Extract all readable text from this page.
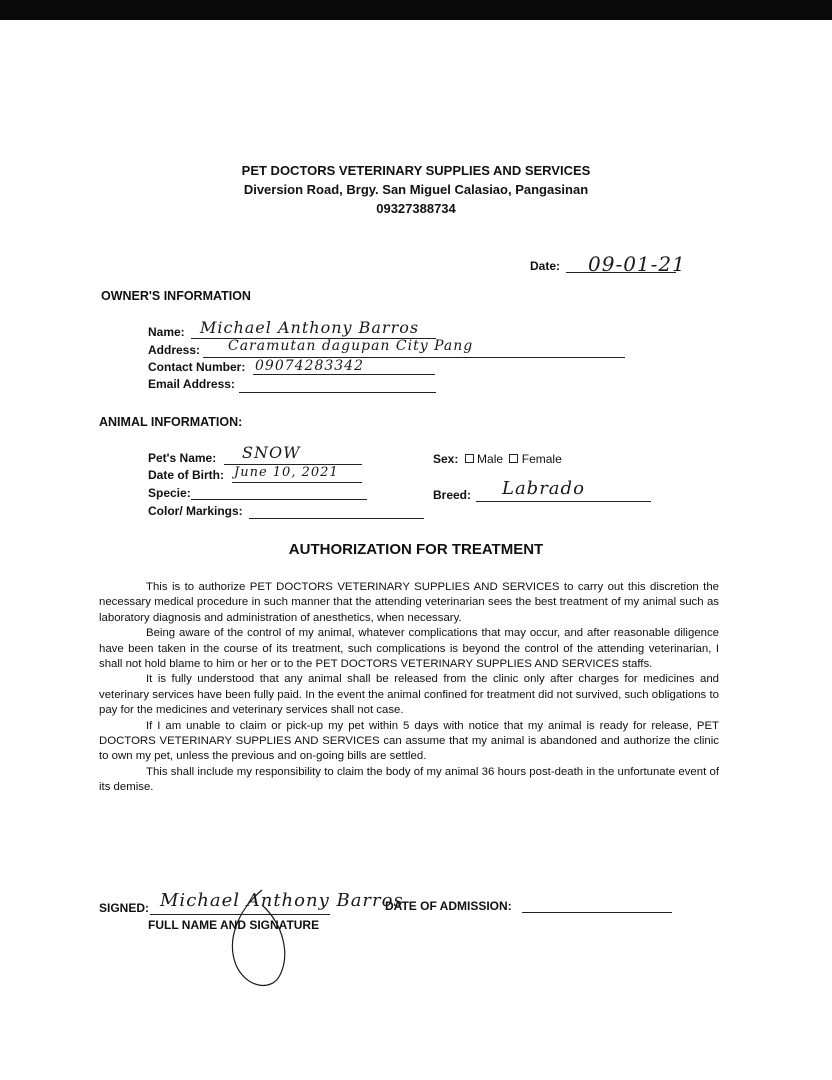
PET DOCTORS VETERINARY SUPPLIES AND SERVICES
Diversion Road, Brgy. San Miguel Calasiao, Pangasinan
09327388734
Date: 09-01-21
OWNER'S INFORMATION
Name: Michael Anthony Barros
Address: Caramutan dagupan City Pang
Contact Number: 09074283342
Email Address:
ANIMAL INFORMATION:
Pet's Name: SNOW
Date of Birth: June 10, 2021
Specie:
Color/ Markings:
Sex: Male Female
Breed: Labrado
AUTHORIZATION FOR TREATMENT

This is to authorize PET DOCTORS VETERINARY SUPPLIES AND SERVICES to carry out this discretion the necessary medical procedure in such manner that the attending veterinarian sees the best treatment of my animal such as laboratory diagnosis and administration of anesthetics, when necessary.

Being aware of the control of my animal, whatever complications that may occur, and after reasonable diligence have been taken in the course of its treatment, such complications is beyond the control of the attending veterinarian, I shall not hold blame to him or her or to the PET DOCTORS VETERINARY SUPPLIES AND SERVICES staffs.

It is fully understood that any animal shall be released from the clinic only after charges for medicines and veterinary services have been fully paid. In the event the animal confined for treatment did not survived, such obligations to pay for the medicines and veterinary services shall not case.

If I am unable to claim or pick-up my pet within 5 days with notice that my animal is ready for release, PET DOCTORS VETERINARY SUPPLIES AND SERVICES can assume that my animal is abandoned and authorize the clinic to own my pet, unless the previous and on-going bills are settled.

This shall include my responsibility to claim the body of my animal 36 hours post-death in the unfortunate event of its demise.

SIGNED: Michael Anthony Barros
FULL NAME AND SIGNATURE
DATE OF ADMISSION:
